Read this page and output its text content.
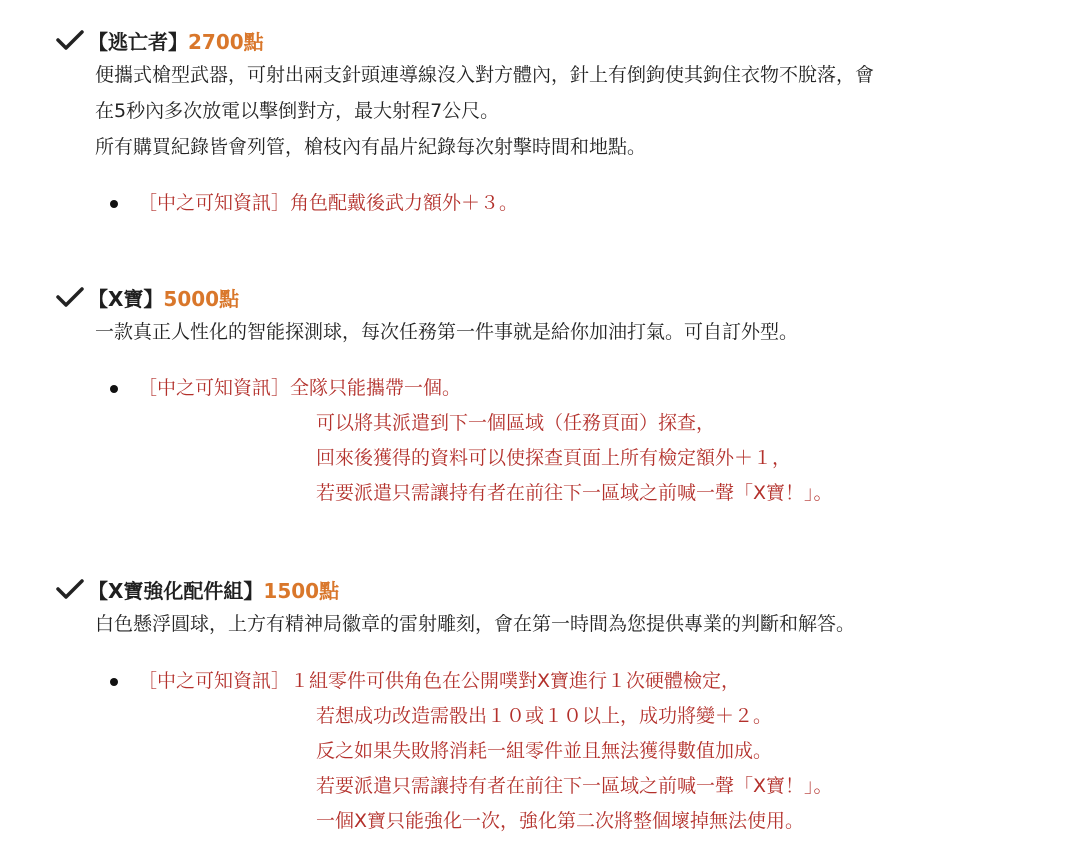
【逃亡者】 2700點
便攜式槍型武器，可射出兩支針頭連導線沒入對方體內，針上有倒鉤使其鉤住衣物不脫落，會
在5秒內多次放電以擊倒對方，最大射程7公尺。
所有購買紀錄皆會列管，槍枝內有晶片紀錄每次射擊時間和地點。
［中之可知資訊］ 角色配戴後武力額外＋３。
【X寶】 5000點
一款真正人性化的智能探測球，每次任務第一件事就是給你加油打氣。可自訂外型。
［中之可知資訊］ 全隊只能攜帶一個。
可以將其派遣到下一個區域（任務頁面）探查，
回來後獲得的資料可以使探查頁面上所有檢定額外＋１，
若要派遣只需讓持有者在前往下一區域之前喊一聲「X寶！」。
【X寶強化配件組】 1500點
白色懸浮圓球，上方有精神局徽章的雷射雕刻，會在第一時間為您提供專業的判斷和解答。
［中之可知資訊］ １組零件可供角色在公開噗對X寶進行１次硬體檢定，
若想成功改造需骰出１０或１０以上，成功將變＋２。
反之如果失敗將消耗一組零件並且無法獲得數值加成。
若要派遣只需讓持有者在前往下一區域之前喊一聲「X寶！」。
一個X寶只能強化一次，強化第二次將整個壞掉無法使用。
